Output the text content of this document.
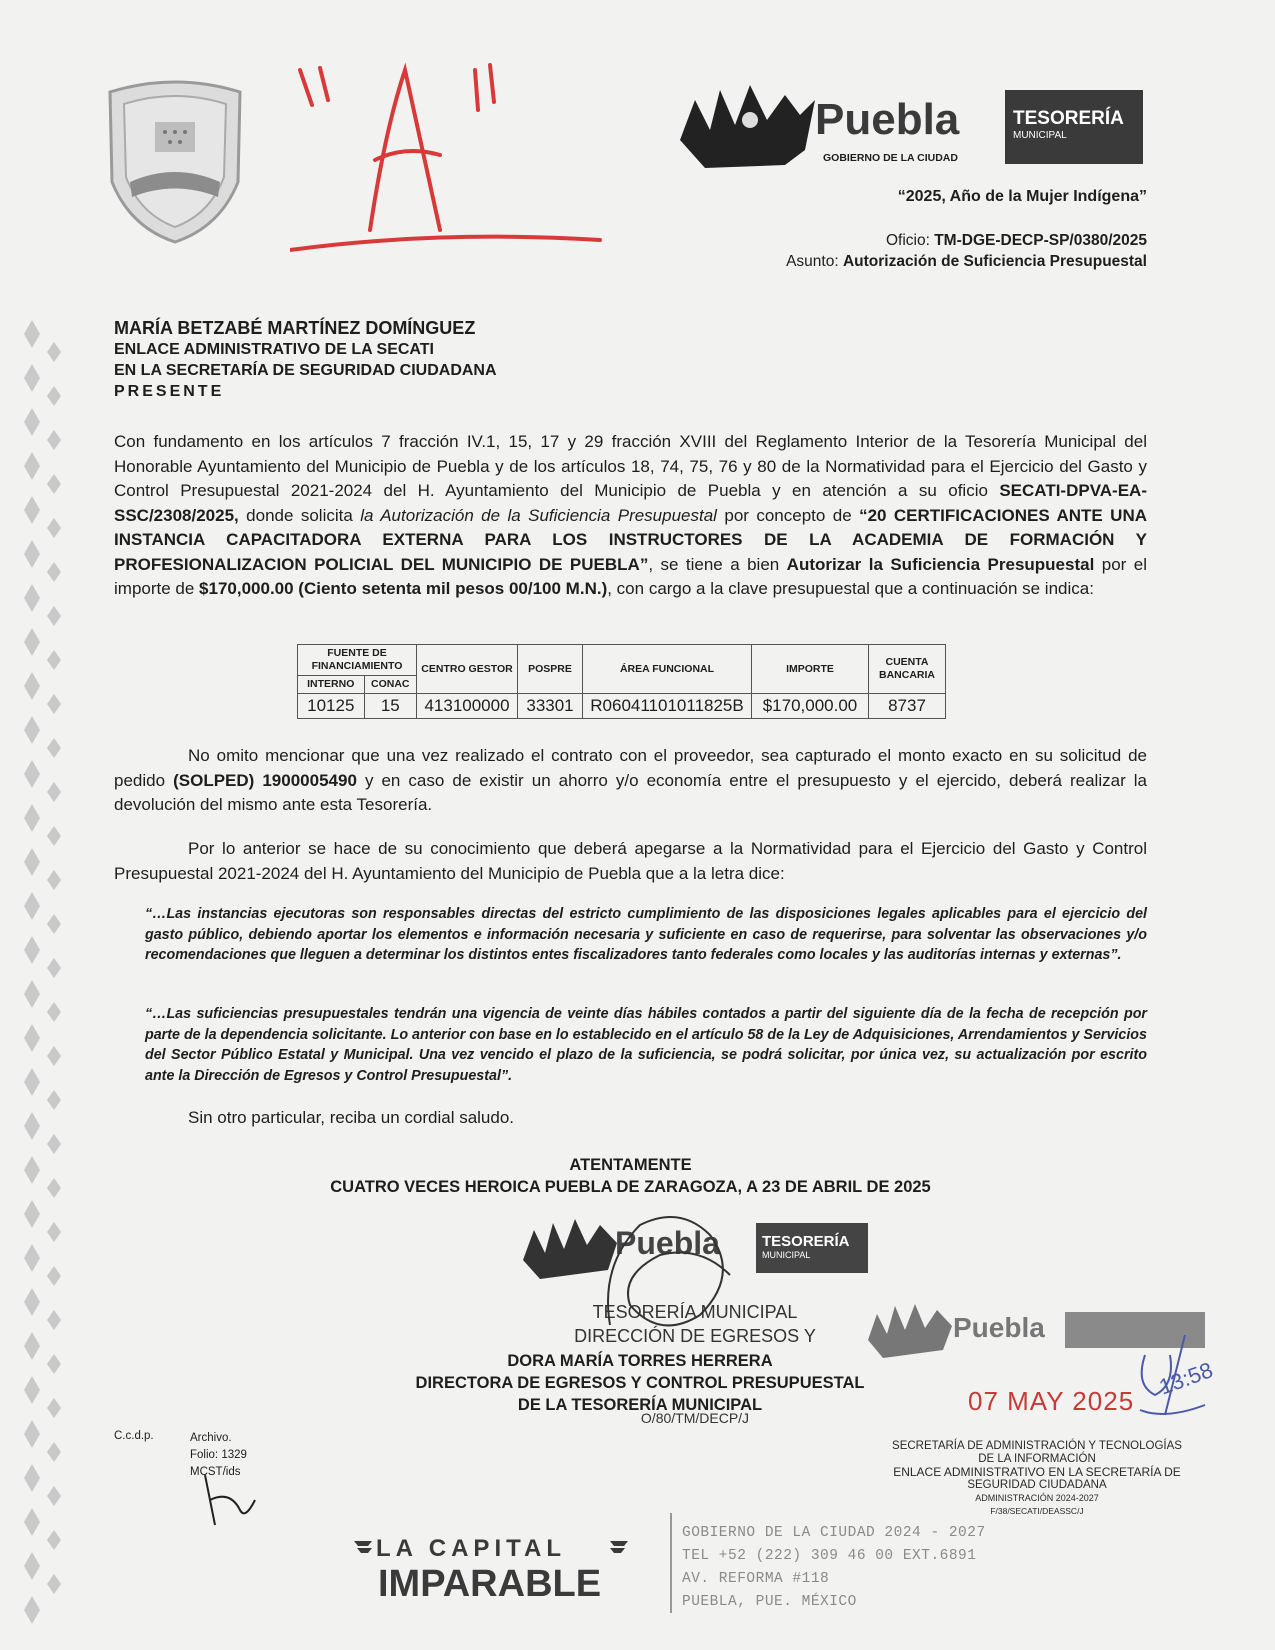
Puebla
GOBIERNO DE LA CIUDAD
TESORERÍA
MUNICIPAL
“2025, Año de la Mujer Indígena”
Oficio: TM-DGE-DECP-SP/0380/2025
Asunto: Autorización de Suficiencia Presupuestal
MARÍA BETZABÉ MARTÍNEZ DOMÍNGUEZ
ENLACE ADMINISTRATIVO DE LA SECATI
EN LA SECRETARÍA DE SEGURIDAD CIUDADANA
PRESENTE
Con fundamento en los artículos 7 fracción IV.1, 15, 17 y 29 fracción XVIII del Reglamento Interior de la Tesorería Municipal del Honorable Ayuntamiento del Municipio de Puebla y de los artículos 18, 74, 75, 76 y 80 de la Normatividad para el Ejercicio del Gasto y Control Presupuestal 2021-2024 del H. Ayuntamiento del Municipio de Puebla y en atención a su oficio SECATI-DPVA-EA-SSC/2308/2025, donde solicita la Autorización de la Suficiencia Presupuestal por concepto de “20 CERTIFICACIONES ANTE UNA INSTANCIA CAPACITADORA EXTERNA PARA LOS INSTRUCTORES DE LA ACADEMIA DE FORMACIÓN Y PROFESIONALIZACION POLICIAL DEL MUNICIPIO DE PUEBLA”, se tiene a bien Autorizar la Suficiencia Presupuestal por el importe de $170,000.00 (Ciento setenta mil pesos 00/100 M.N.), con cargo a la clave presupuestal que a continuación se indica:
FUENTE DE FINANCIAMIENTO		CENTRO GESTOR	POSPRE	ÁREA FUNCIONAL	IMPORTE	CUENTA BANCARIA
INTERNO	CONAC					
10125	15	413100000	33301	R06041101011825B	$170,000.00	8737
No omito mencionar que una vez realizado el contrato con el proveedor, sea capturado el monto exacto en su solicitud de pedido (SOLPED) 1900005490 y en caso de existir un ahorro y/o economía entre el presupuesto y el ejercido, deberá realizar la devolución del mismo ante esta Tesorería.
Por lo anterior se hace de su conocimiento que deberá apegarse a la Normatividad para el Ejercicio del Gasto y Control Presupuestal 2021-2024 del H. Ayuntamiento del Municipio de Puebla que a la letra dice:
“…Las instancias ejecutoras son responsables directas del estricto cumplimiento de las disposiciones legales aplicables para el ejercicio del gasto público, debiendo aportar los elementos e información necesaria y suficiente en caso de requerirse, para solventar las observaciones y/o recomendaciones que lleguen a determinar los distintos entes fiscalizadores tanto federales como locales y las auditorías internas y externas”.
“…Las suficiencias presupuestales tendrán una vigencia de veinte días hábiles contados a partir del siguiente día de la fecha de recepción por parte de la dependencia solicitante. Lo anterior con base en lo establecido en el artículo 58 de la Ley de Adquisiciones, Arrendamientos y Servicios del Sector Público Estatal y Municipal. Una vez vencido el plazo de la suficiencia, se podrá solicitar, por única vez, su actualización por escrito ante la Dirección de Egresos y Control Presupuestal”.
Sin otro particular, reciba un cordial saludo.
ATENTAMENTE
CUATRO VECES HEROICA PUEBLA DE ZARAGOZA, A 23 DE ABRIL DE 2025
Puebla	TESORERÍA
MUNICIPAL
TESORERÍA MUNICIPAL
DIRECCIÓN DE EGRESOS Y
DORA MARÍA TORRES HERRERA
DIRECTORA DE EGRESOS Y CONTROL PRESUPUESTAL
DE LA TESORERÍA MUNICIPAL
O/80/TM/DECP/J
Puebla
07 MAY 2025
13:58
SECRETARÍA DE ADMINISTRACIÓN Y TECNOLOGÍAS
DE LA INFORMACIÓN
ENLACE ADMINISTRATIVO EN LA SECRETARÍA DE
SEGURIDAD CIUDADANA
ADMINISTRACIÓN 2024-2027
F/38/SECATI/DEASSC/J
C.c.d.p.	Archivo.
Folio: 1329
MCST/ids
LA CAPITAL
IMPARABLE
GOBIERNO DE LA CIUDAD 2024 - 2027
TEL +52 (222) 309 46 00 EXT.6891
AV. REFORMA #118
PUEBLA, PUE. MÉXICO
